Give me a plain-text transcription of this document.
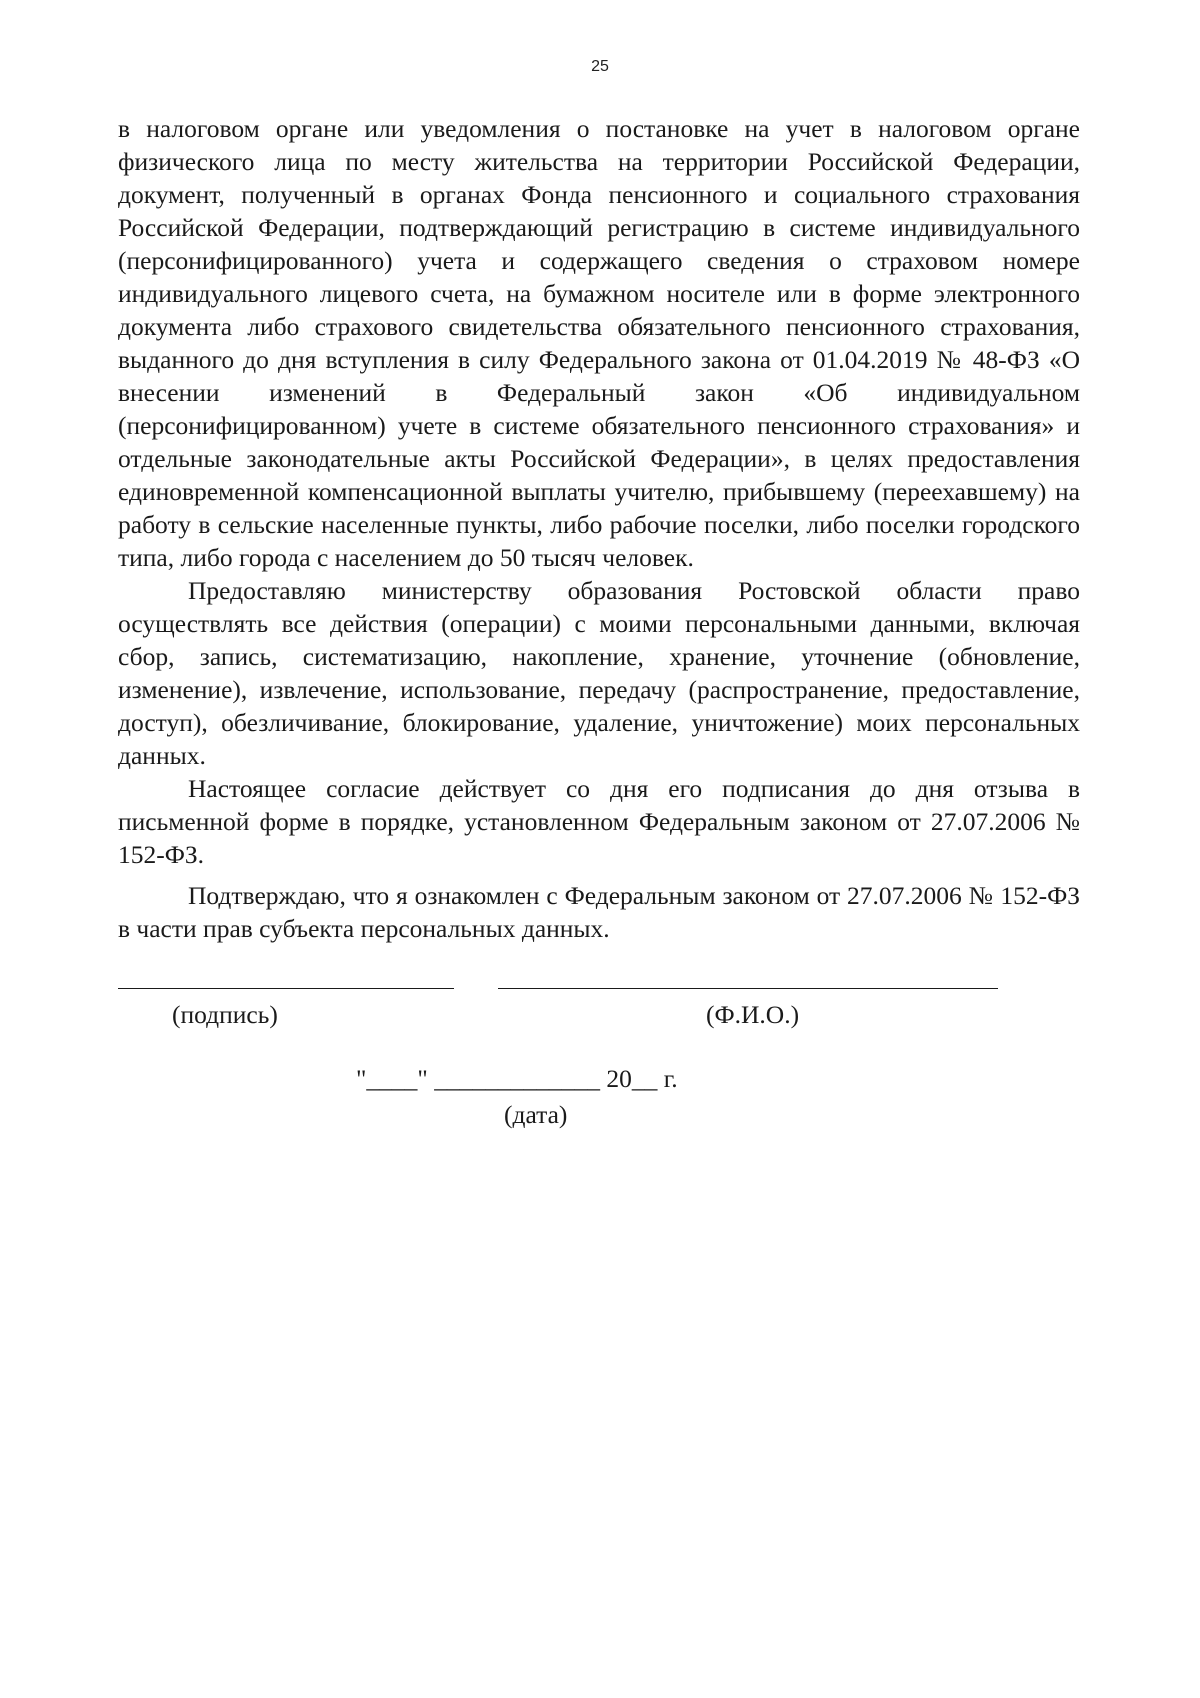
25

в налоговом органе или уведомления о постановке на учет в налоговом органе физического лица по месту жительства на территории Российской Федерации, документ, полученный в органах Фонда пенсионного и социального страхования Российской Федерации, подтверждающий регистрацию в системе индивидуального (персонифицированного) учета и содержащего сведения о страховом номере индивидуального лицевого счета, на бумажном носителе или в форме электронного документа либо страхового свидетельства обязательного пенсионного страхования, выданного до дня вступления в силу Федерального закона от 01.04.2019 № 48-ФЗ «О внесении изменений в Федеральный закон «Об индивидуальном (персонифицированном) учете в системе обязательного пенсионного страхования» и отдельные законодательные акты Российской Федерации», в целях предоставления единовременной компенсационной выплаты учителю, прибывшему (переехавшему) на работу в сельские населенные пункты, либо рабочие поселки, либо поселки городского типа, либо города с населением до 50 тысяч человек.

Предоставляю министерству образования Ростовской области право осуществлять все действия (операции) с моими персональными данными, включая сбор, запись, систематизацию, накопление, хранение, уточнение (обновление, изменение), извлечение, использование, передачу (распространение, предоставление, доступ), обезличивание, блокирование, удаление, уничтожение) моих персональных данных.

Настоящее согласие действует со дня его подписания до дня отзыва в письменной форме в порядке, установленном Федеральным законом от 27.07.2006 № 152-ФЗ.

Подтверждаю, что я ознакомлен с Федеральным законом от 27.07.2006 № 152-ФЗ в части прав субъекта персональных данных.

(подпись)	(Ф.И.О.)
"____" _____________ 20__ г.
(дата)
